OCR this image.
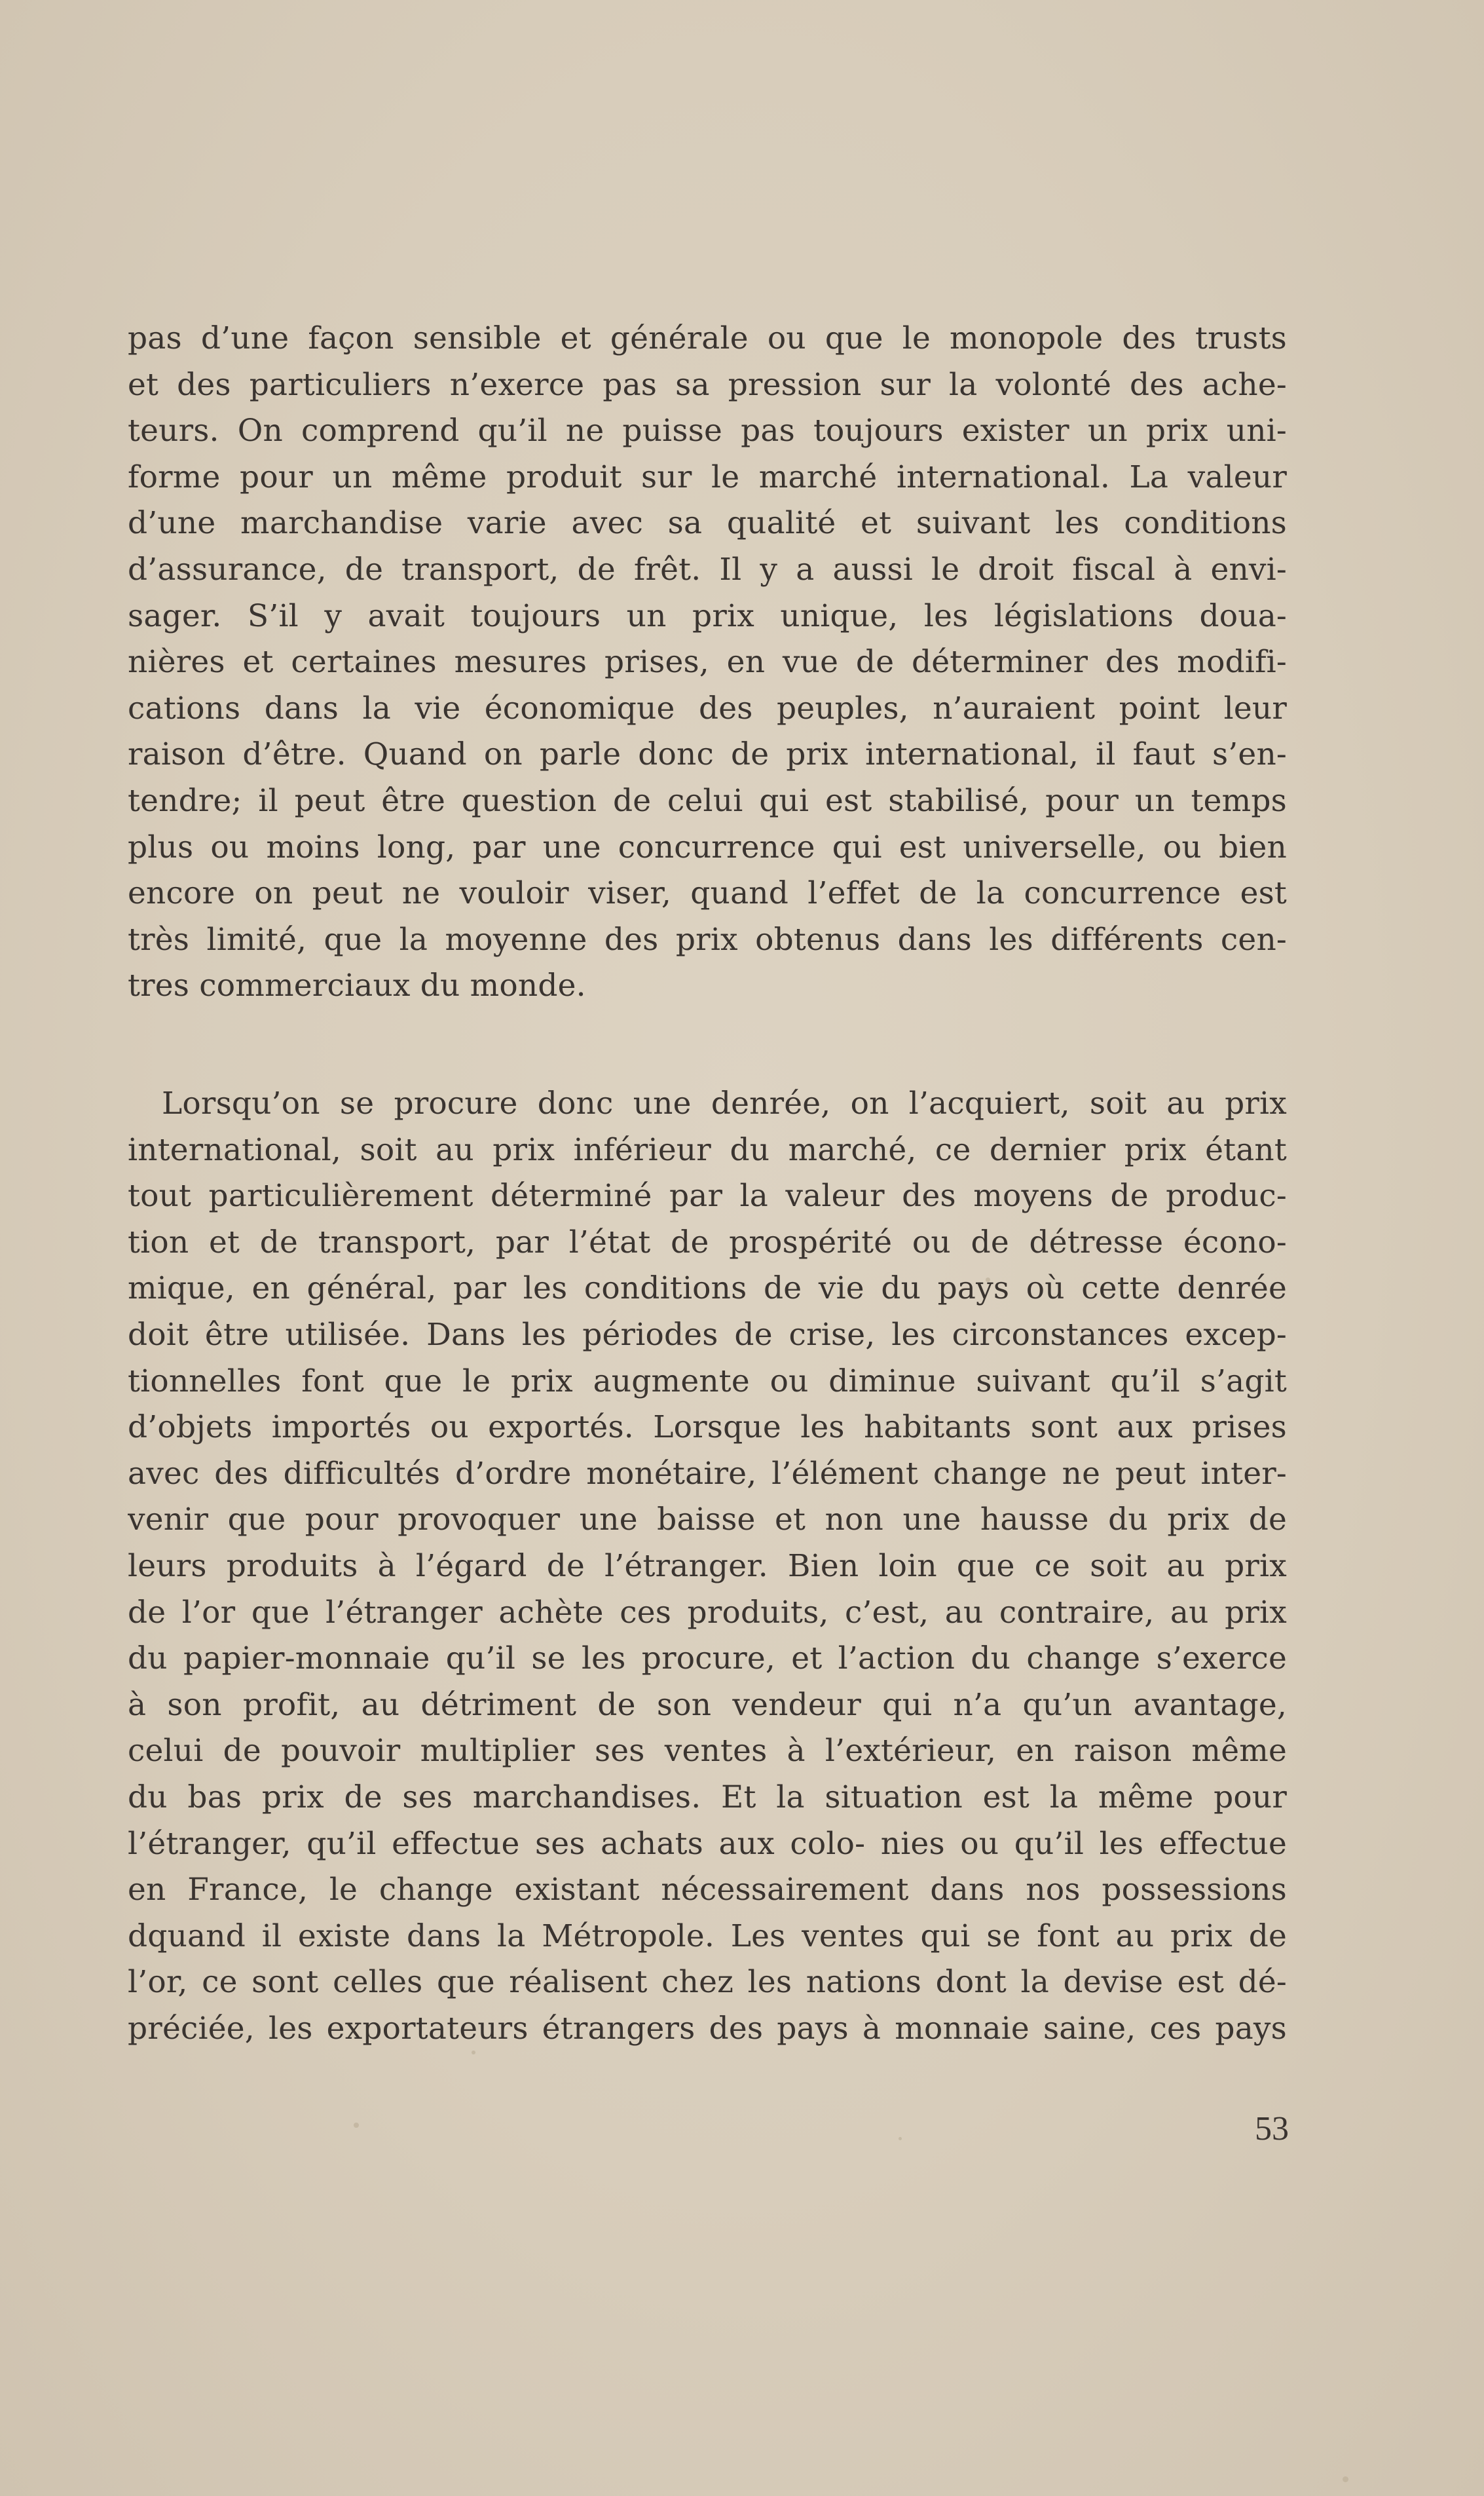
pas d’une façon sensible et générale ou que le monopole des trusts
et des particuliers n’exerce pas sa pression sur la volonté des ache-
teurs. On comprend qu’il ne puisse pas toujours exister un prix uni-
forme pour un même produit sur le marché international. La valeur
d’une marchandise varie avec sa qualité et suivant les conditions
d’assurance, de transport, de frêt. Il y a aussi le droit fiscal à envi-
sager. S’il y avait toujours un prix unique, les législations doua-
nières et certaines mesures prises, en vue de déterminer des modifi-
cations dans la vie économique des peuples, n’auraient point leur
raison d’être. Quand on parle donc de prix international, il faut s’en-
tendre; il peut être question de celui qui est stabilisé, pour un temps
plus ou moins long, par une concurrence qui est universelle, ou bien
encore on peut ne vouloir viser, quand l’effet de la concurrence est
très limité, que la moyenne des prix obtenus dans les différents cen-
tres commerciaux du monde.
Lorsqu’on se procure donc une denrée, on l’acquiert, soit au prix
international, soit au prix inférieur du marché, ce dernier prix étant
tout particulièrement déterminé par la valeur des moyens de produc-
tion et de transport, par l’état de prospérité ou de détresse écono-
mique, en général, par les conditions de vie du pays où cette denrée
doit être utilisée. Dans les périodes de crise, les circonstances excep-
tionnelles font que le prix augmente ou diminue suivant qu’il s’agit
d’objets importés ou exportés. Lorsque les habitants sont aux prises
avec des difficultés d’ordre monétaire, l’élément change ne peut inter-
venir que pour provoquer une baisse et non une hausse du prix de
leurs produits à l’égard de l’étranger. Bien loin que ce soit au prix
de l’or que l’étranger achète ces produits, c’est, au contraire, au prix
du papier-monnaie qu’il se les procure, et l’action du change s’exerce
à son profit, au détriment de son vendeur qui n’a qu’un avantage,
celui de pouvoir multiplier ses ventes à l’extérieur, en raison même
du bas prix de ses marchandises. Et la situation est la même pour
l’étranger, qu’il effectue ses achats aux colo- nies ou qu’il les effectue
en France, le change existant nécessairement dans nos possessions
dquand il existe dans la Métropole. Les ventes qui se font au prix de
l’or, ce sont celles que réalisent chez les nations dont la devise est dé-
préciée, les exportateurs étrangers des pays à monnaie saine, ces pays
53
